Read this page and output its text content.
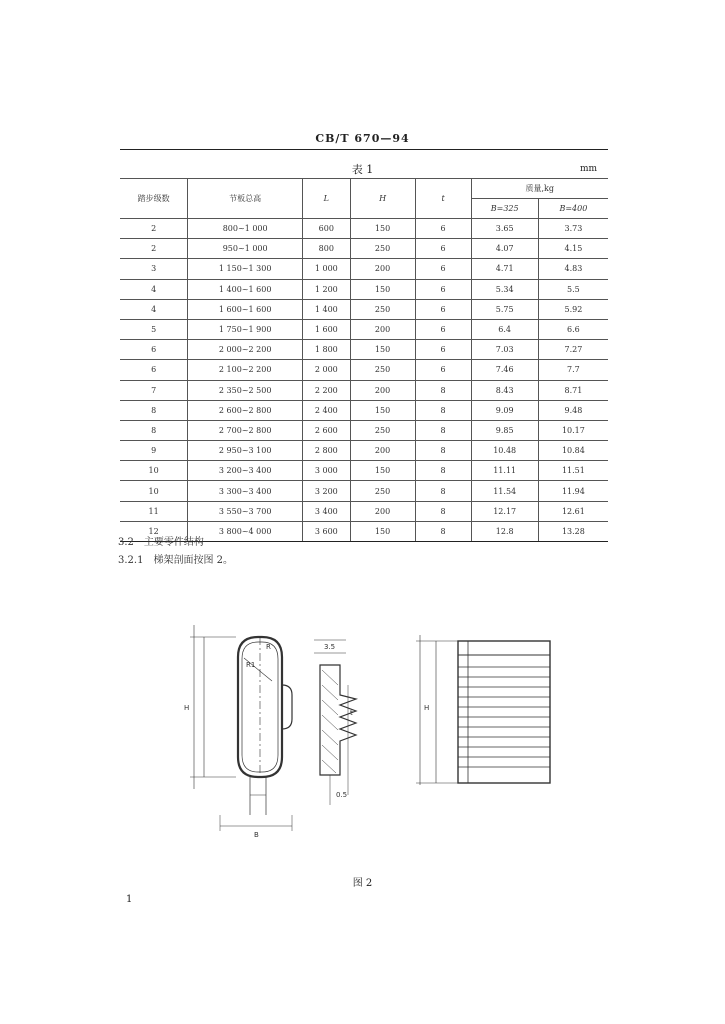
CB/T 670—94
表 1	mm
踏步级数	节板总高	L	H	t	质量,kg	
					B=325	B=400
2	800~1 000	600	150	6	3.65	3.73
2	950~1 000	800	250	6	4.07	4.15
3	1 150~1 300	1 000	200	6	4.71	4.83
4	1 400~1 600	1 200	150	6	5.34	5.5
4	1 600~1 600	1 400	250	6	5.75	5.92
5	1 750~1 900	1 600	200	6	6.4	6.6
6	2 000~2 200	1 800	150	6	7.03	7.27
6	2 100~2 200	2 000	250	6	7.46	7.7
7	2 350~2 500	2 200	200	8	8.43	8.71
8	2 600~2 800	2 400	150	8	9.09	9.48
8	2 700~2 800	2 600	250	8	9.85	10.17
9	2 950~3 100	2 800	200	8	10.48	10.84
10	3 200~3 400	3 000	150	8	11.11	11.51
10	3 300~3 400	3 200	250	8	11.54	11.94
11	3 550~3 700	3 400	200	8	12.17	12.61
12	3 800~4 000	3 600	150	8	12.8	13.28
3.2　主要零件结构
3.2.1　梯架剖面按图 2。
R1
R
H
B
3.5
t
0.5
H
图 2
1
